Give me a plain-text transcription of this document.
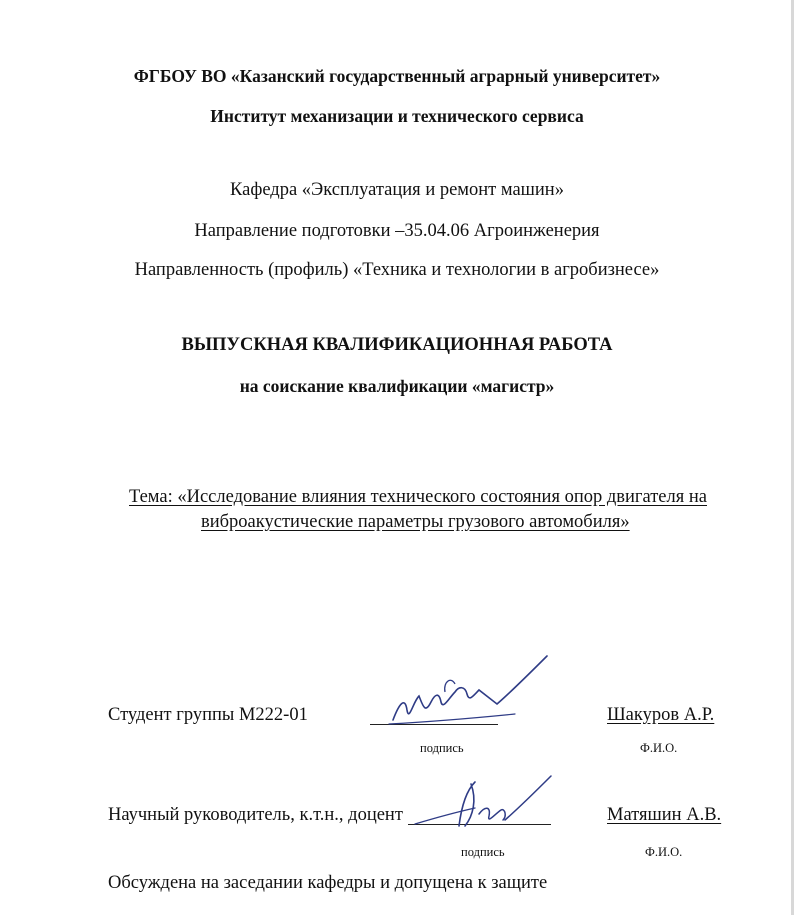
ФГБОУ ВО «Казанский государственный аграрный университет»
Институт механизации и технического сервиса
Кафедра «Эксплуатация и ремонт машин»
Направление подготовки –35.04.06 Агроинженерия
Направленность (профиль) «Техника и технологии в агробизнесе»
ВЫПУСКНАЯ КВАЛИФИКАЦИОННАЯ РАБОТА
на соискание квалификации «магистр»
Тема: «Исследование влияния технического состояния опор двигателя на
виброакустические параметры грузового автомобиля»
Студент группы М222-01	Шакуров А.Р.
подпись	Ф.И.О.
Научный руководитель, к.т.н., доцент	Матяшин А.В.
подпись	Ф.И.О.
Обсуждена на заседании кафедры и допущена к защите
